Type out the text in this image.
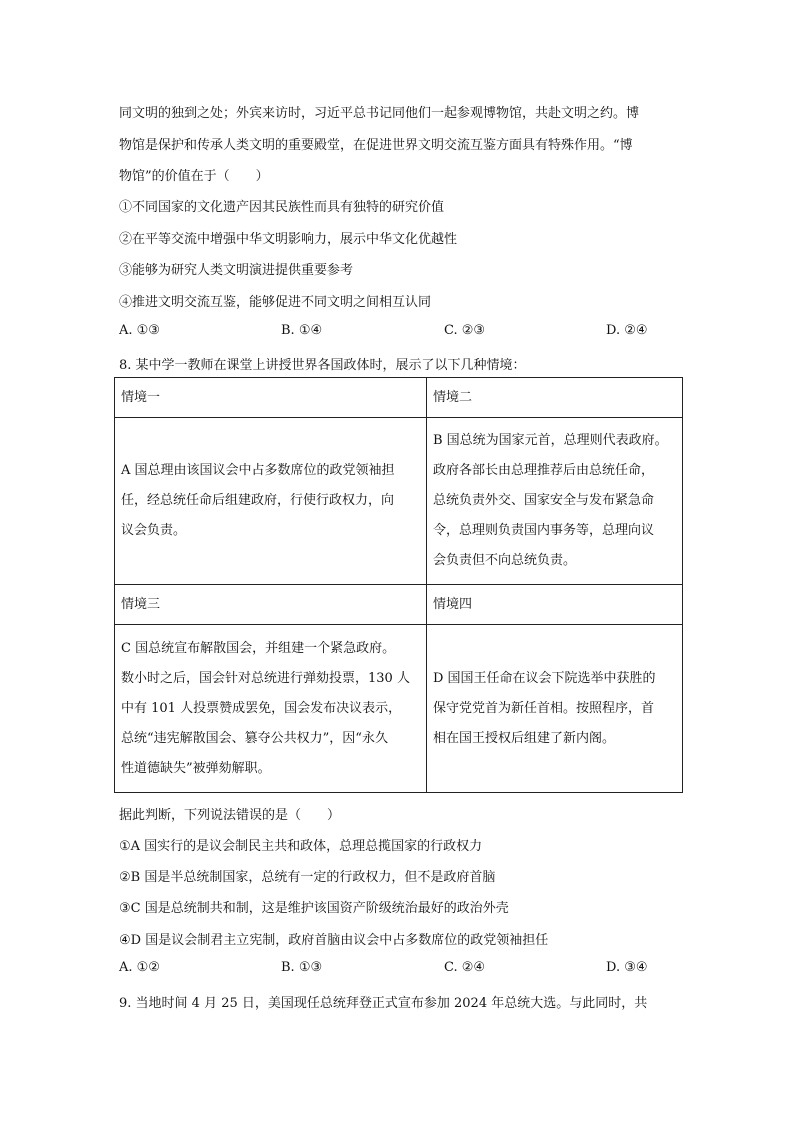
同文明的独到之处；外宾来访时，习近平总书记同他们一起参观博物馆，共赴文明之约。博
物馆是保护和传承人类文明的重要殿堂，在促进世界文明交流互鉴方面具有特殊作用。“博
物馆”的价值在于（　　）
①不同国家的文化遗产因其民族性而具有独特的研究价值
②在平等交流中增强中华文明影响力，展示中华文化优越性
③能够为研究人类文明演进提供重要参考
④推进文明交流互鉴，能够促进不同文明之间相互认同
A. ①③	B. ①④	C. ②③	D. ②④
8. 某中学一教师在课堂上讲授世界各国政体时，展示了以下几种情境：
情境一	情境二
A 国总理由该国议会中占多数席位的政党领袖担
任，经总统任命后组建政府，行使行政权力，向
议会负责。	B 国总统为国家元首，总理则代表政府。
政府各部长由总理推荐后由总统任命，
总统负责外交、国家安全与发布紧急命
令，总理则负责国内事务等，总理向议
会负责但不向总统负责。
情境三	情境四
C 国总统宣布解散国会，并组建一个紧急政府。
数小时之后，国会针对总统进行弹劾投票，130 人
中有 101 人投票赞成罢免，国会发布决议表示，
总统“违宪解散国会、篡夺公共权力”，因“永久
性道德缺失”被弹劾解职。	D 国国王任命在议会下院选举中获胜的
保守党党首为新任首相。按照程序，首
相在国王授权后组建了新内阁。
据此判断，下列说法错误的是（　　）
①A 国实行的是议会制民主共和政体，总理总揽国家的行政权力
②B 国是半总统制国家，总统有一定的行政权力，但不是政府首脑
③C 国是总统制共和制，这是维护该国资产阶级统治最好的政治外壳
④D 国是议会制君主立宪制，政府首脑由议会中占多数席位的政党领袖担任
A. ①②	B. ①③	C. ②④	D. ③④
9. 当地时间 4 月 25 日，美国现任总统拜登正式宣布参加 2024 年总统大选。与此同时，共
